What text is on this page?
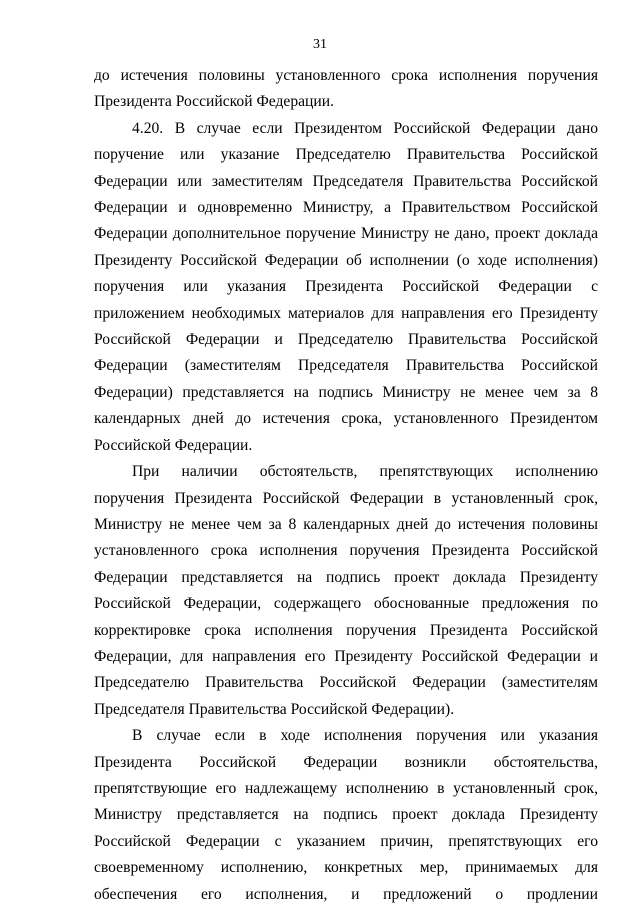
31

до истечения половины установленного срока исполнения поручения Президента Российской Федерации.

4.20. В случае если Президентом Российской Федерации дано поручение или указание Председателю Правительства Российской Федерации или заместителям Председателя Правительства Российской Федерации и одновременно Министру, а Правительством Российской Федерации дополнительное поручение Министру не дано, проект доклада Президенту Российской Федерации об исполнении (о ходе исполнения) поручения или указания Президента Российской Федерации с приложением необходимых материалов для направления его Президенту Российской Федерации и Председателю Правительства Российской Федерации (заместителям Председателя Правительства Российской Федерации) представляется на подпись Министру не менее чем за 8 календарных дней до истечения срока, установленного Президентом Российской Федерации.

При наличии обстоятельств, препятствующих исполнению поручения Президента Российской Федерации в установленный срок, Министру не менее чем за 8 календарных дней до истечения половины установленного срока исполнения поручения Президента Российской Федерации представляется на подпись проект доклада Президенту Российской Федерации, содержащего обоснованные предложения по корректировке срока исполнения поручения Президента Российской Федерации, для направления его Президенту Российской Федерации и Председателю Правительства Российской Федерации (заместителям Председателя Правительства Российской Федерации).

В случае если в ходе исполнения поручения или указания Президента Российской Федерации возникли обстоятельства, препятствующие его надлежащему исполнению в установленный срок, Министру представляется на подпись проект доклада Президенту Российской Федерации с указанием причин, препятствующих его своевременному исполнению, конкретных мер, принимаемых для обеспечения его исполнения, и предложений о продлении
